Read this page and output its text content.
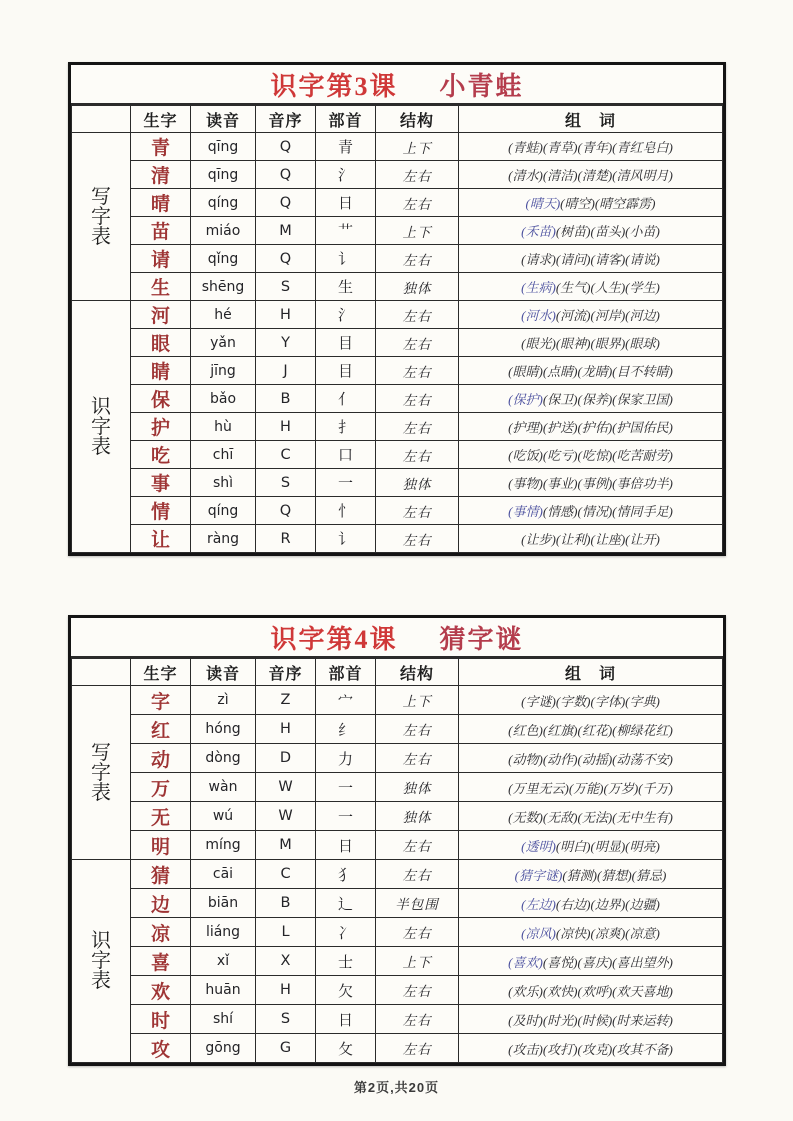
识字第3课 小青蛙
	生字	读音	音序	部首	结构	组　词

写
字
表	青	qīng	Q	青	上下	(青蛙)(青草)(青年)(青红皂白)
	清	qīng	Q	氵	左右	(清水)(清洁)(清楚)(清风明月)
	晴	qíng	Q	日	左右	(晴天)(晴空)(晴空霹雳)
	苗	miáo	M	艹	上下	(禾苗)(树苗)(苗头)(小苗)
	请	qǐng	Q	讠	左右	(请求)(请问)(请客)(请说)
	生	shēng	S	生	独体	(生病)(生气)(人生)(学生)

识
字
表	河	hé	H	氵	左右	(河水)(河流)(河岸)(河边)
	眼	yǎn	Y	目	左右	(眼光)(眼神)(眼界)(眼球)
	睛	jīng	J	目	左右	(眼睛)(点睛)(龙睛)(目不转睛)
	保	bǎo	B	亻	左右	(保护)(保卫)(保养)(保家卫国)
	护	hù	H	扌	左右	(护理)(护送)(护佑)(护国佑民)
	吃	chī	C	口	左右	(吃饭)(吃亏)(吃惊)(吃苦耐劳)
	事	shì	S	一	独体	(事物)(事业)(事例)(事倍功半)
	情	qíng	Q	忄	左右	(事情)(情感)(情况)(情同手足)
	让	ràng	R	讠	左右	(让步)(让利)(让座)(让开)
识字第4课 猜字谜
	生字	读音	音序	部首	结构	组　词

写
字
表	字	zì	Z	宀	上下	(字谜)(字数)(字体)(字典)
	红	hóng	H	纟	左右	(红色)(红旗)(红花)(柳绿花红)
	动	dòng	D	力	左右	(动物)(动作)(动摇)(动荡不安)
	万	wàn	W	一	独体	(万里无云)(万能)(万岁)(千万)
	无	wú	W	一	独体	(无数)(无敌)(无法)(无中生有)
	明	míng	M	日	左右	(透明)(明白)(明显)(明亮)

识
字
表	猜	cāi	C	犭	左右	(猜字谜)(猜测)(猜想)(猜忌)
	边	biān	B	辶	半包围	(左边)(右边)(边界)(边疆)
	凉	liáng	L	冫	左右	(凉风)(凉快)(凉爽)(凉意)
	喜	xǐ	X	士	上下	(喜欢)(喜悦)(喜庆)(喜出望外)
	欢	huān	H	欠	左右	(欢乐)(欢快)(欢呼)(欢天喜地)
	时	shí	S	日	左右	(及时)(时光)(时候)(时来运转)
	攻	gōng	G	攵	左右	(攻击)(攻打)(攻克)(攻其不备)
第2页,共20页
